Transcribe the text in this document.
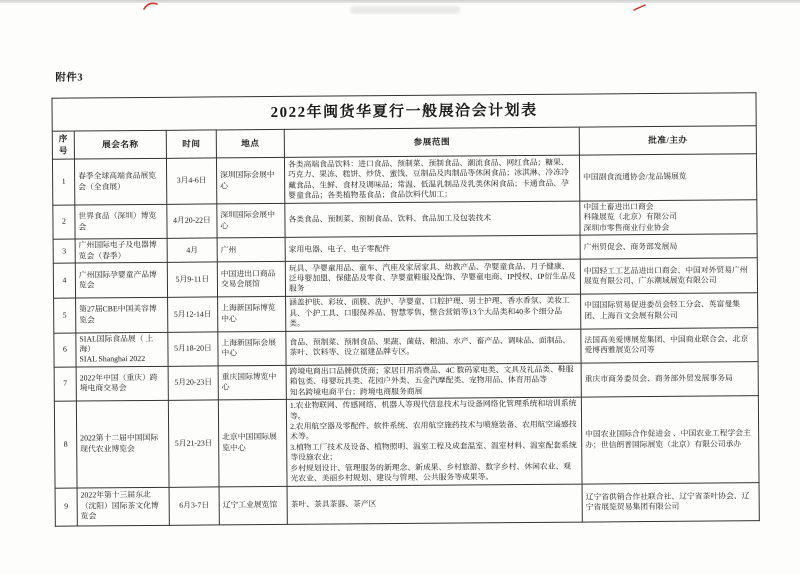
附件3
2022年闽货华夏行一般展洽会计划表					
序号	展会名称	时间	地点	参展范围	批准/主办
1	春季全球高端食品展览会（全食展）	3月4-6日	深圳国际会展中心	各类高端食品饮料：进口食品、预制菜、预制食品、潮流食品、网红食品；糖果、巧克力、果冻、糕饼、炒货、蜜饯、豆制品及肉制品等休闲食品；冰淇淋、冷冻冷藏食品、生鲜、食材及调味品；常温、低温乳制品及乳类休闲食品；卡通食品、孕婴童食品；各类植物基食品；食品饮料代加工；	中国副食流通协会/龙品锡展览
2	世界食品（深圳）博览会	4月20-22日	深圳国际会展中心	各类食品、预制菜、预制食品、饮料、食品加工及包装技术	中国土畜进出口商会
科隆展览（北京）有限公司
深圳市零售商业行业协会
3	广州国际电子及电器博览会（春季）	4月	广州	家用电器、电子、电子零配件	广州贸促会、商务部发展局
4	广州国际孕婴童产品博览会	5月9-11日	中国进出口商品交易会展馆	玩具、孕婴童用品、童车、汽座及家居家具、幼教产品、孕婴童食品、月子健康、泛母婴加盟、保健品及零食、孕婴童鞋服及配饰、孕婴童电商、IP授权、IP衍生品及服务	中国轻工工艺品进出口商会、中国对外贸易广州展览有限公司、广东潮域展览有限公司
5	第27届CBE中国美容博览会	5月12-14日	上海新国际博览中心	涵盖护肤、彩妆、面膜、洗护、孕婴童、口腔护理、男士护理、香水香氛、美妆工具、个护工具、口服保养品、智慧零售、整合营销等13个大品类和40多个细分品类。	中国国际贸易促进委员会轻工分会、英富曼集团、上海百文会展有限公司
6	SIAL国际食品展（ 上海）
SIAL Shanghai 2022	5月18-20日	上海新国际会展中心	食品、预制菜、预制食品、果蔬、菌菇、粮油、水产、畜产品、调味品、面制品、茶叶、饮料等、设立福建品牌专区。	法国高美爱博展览集团、中国商业联合会、北京爱博西雅展览公司等
7	2022年中国（重庆）跨境电商交易会	5月20-23日	重庆国际博览中心	跨境电商出口品牌供货商；家居日用消费品、4C 数码家电类、文具及礼品类、鞋服箱包类、母婴玩具类、花园户外类、五金汽摩配类、宠物用品、体育用品等
知名跨境电商平台；跨境电商服务商展	重庆市商务委员会、商务部外贸发展事务局
8	2022第十二届中国国际现代农业博览会	5月21-23日	北京中国国际展览中心	1.农业物联网、传感网络、机器人等现代信息技术与设备网络化管理系统和培训系统等。
2.农用航空器及零配件、软件系统、农用航空施药技术与喷施装备、农用航空遥感技术等。
3.植物工厂技术及设备、植物照明、温室工程及成套温室、温室材料、温室配套系统等设施农业；
乡村规划设计、管理服务的新理念、新成果、乡村旅游、数字乡村、休闲农业、观光农业、美丽乡村规划、建设与管理、公共服务等成果等。	中国农业国际合作促进会 、中国农业工程学会主办；世信朗普国际展览（北京）有限公司承办
9	2022年第十三届东北（沈阳）国际茶文化博览会	6月3-7日	辽宁工业展览馆	茶叶、茶具茶器、茶产区	辽宁省供销合作社联合社、辽宁省茶叶协会、辽宁省展览贸易集团有限公司
